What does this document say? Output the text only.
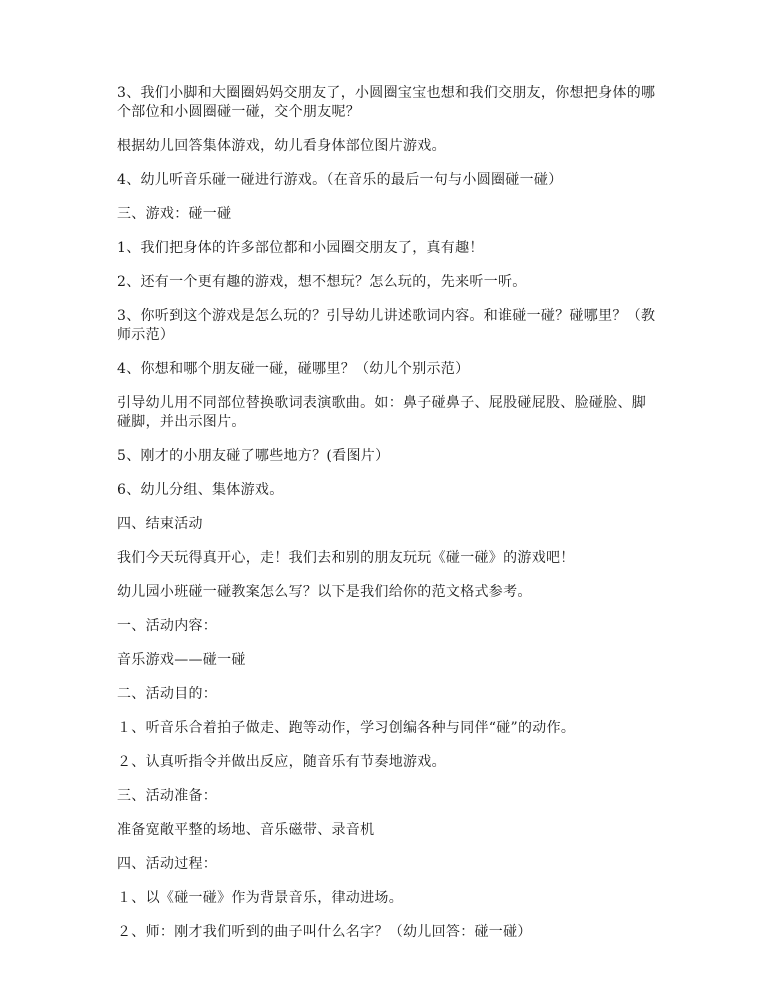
3、我们小脚和大圈圈妈妈交朋友了，小圆圈宝宝也想和我们交朋友，你想把身体的哪个部位和小圆圈碰一碰，交个朋友呢？

根据幼儿回答集体游戏，幼儿看身体部位图片游戏。

4、幼儿听音乐碰一碰进行游戏。（在音乐的最后一句与小圆圈碰一碰）

三、游戏：碰一碰

1、我们把身体的许多部位都和小园圈交朋友了，真有趣！

2、还有一个更有趣的游戏，想不想玩？怎么玩的，先来听一听。

3、你听到这个游戏是怎么玩的？引导幼儿讲述歌词内容。和谁碰一碰？碰哪里？（教师示范）

4、你想和哪个朋友碰一碰，碰哪里？（幼儿个别示范）

引导幼儿用不同部位替换歌词表演歌曲。如：鼻子碰鼻子、屁股碰屁股、脸碰脸、脚碰脚，并出示图片。

5、刚才的小朋友碰了哪些地方？(看图片）

6、幼儿分组、集体游戏。

四、结束活动

我们今天玩得真开心，走！我们去和别的朋友玩玩《碰一碰》的游戏吧！

幼儿园小班碰一碰教案怎么写？以下是我们给你的范文格式参考。

一、活动内容：

音乐游戏——碰一碰

二、活动目的：

１、听音乐合着拍子做走、跑等动作，学习创编各种与同伴“碰”的动作。

２、认真听指令并做出反应，随音乐有节奏地游戏。

三、活动准备：

准备宽敞平整的场地、音乐磁带、录音机

四、活动过程：

１、以《碰一碰》作为背景音乐，律动进场。

２、师：刚才我们听到的曲子叫什么名字？（幼儿回答：碰一碰）
